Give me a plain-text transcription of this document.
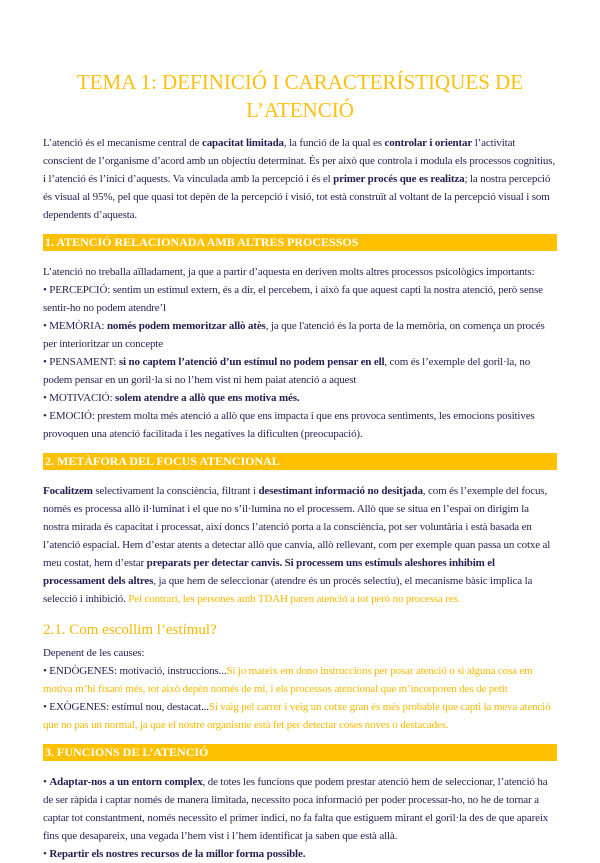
TEMA 1: DEFINICIÓ I CARACTERÍSTIQUES DE L’ATENCIÓ

L’atenció és el mecanisme central de capacitat limitada, la funció de la qual es controlar i orientar l’activitat conscient de l’organisme d’acord amb un objectiu determinat. És per això que controla i modula els processos cognitius, i l’atenció és l’inici d’aquests. Va vinculada amb la percepció i és el primer procés que es realitza; la nostra percepció és visual al 95%, pel que quasi tot depèn de la percepció i visió, tot està construït al voltant de la percepció visual i som dependents d’aquesta.

1. ATENCIÓ RELACIONADA AMB ALTRES PROCESSOS

L’atenció no treballa aïlladament, ja que a partir d’aquesta en deriven molts altres processos psicològics importants:

• PERCEPCIÓ: sentim un estímul extern, és a dir, el percebem, i això fa que aquest capti la nostra atenció, però sense sentir-ho no podem atendre’l

• MEMÒRIA: només podem memoritzar allò atès, ja que l'atenció és la porta de la memòria, on comença un procés per interioritzar un concepte

• PENSAMENT: si no captem l’atenció d’un estímul no podem pensar en ell, com és l’exemple del goril·la, no podem pensar en un goril·la si no l’hem vist ni hem paiat atenció a aquest

• MOTIVACIÓ: solem atendre a allò que ens motiva més.

• EMOCIÓ: prestem molta més atenció a allò que ens impacta i que ens provoca sentiments, les emocions positives provoquen una atenció facilitada i les negatives la dificulten (preocupació).

2. METÀFORA DEL FOCUS ATENCIONAL

Focalitzem selectivament la consciència, filtrant i desestimant informació no desitjada, com és l’exemple del focus, només es processa allò il·luminat i el que no s’il·lumina no el processem. Allò que se situa en l’espai on dirigim la nostra mirada és capacitat i processat, així doncs l’atenció porta a la consciència, pot ser voluntària i està basada en l’atenció espacial. Hem d’estar atents a detectar allò que canvia, allò rellevant, com per exemple quan passa un cotxe al meu costat, hem d’estar preparats per detectar canvis. Si processem uns estímuls aleshores inhibim el processament dels altres, ja que hem de seleccionar (atendre és un procés selectiu), el mecanisme bàsic implica la selecció i inhibició. Pel contrari, les persones amb TDAH paren atenció a tot però no processa res.

2.1. Com escollim l’estímul?

Depenent de les causes:

• ENDÒGENES: motivació, instruccions...Si jo mateix em dono instruccions per posar atenció o si alguna cosa em motiva m’hi fixaré més, tot això depèn només de mi, i els processos atencional que m’incorporen des de petit

• EXÒGENES: estímul nou, destacat...Si vaig pel carrer i veig un cotxe gran és més probable que capti la meva atenció que no pas un normal, ja que el nostre organisme està fet per detectar coses noves o destacades.

3. FUNCIONS DE L’ATENCIÓ

• Adaptar-nos a un entorn complex, de totes les funcions que podem prestar atenció hem de seleccionar, l’atenció ha de ser ràpida i captar només de manera limitada, necessito poca informació per poder processar-ho, no he de tornar a captar tot constantment, només necessito el primer indici, no fa falta que estiguem mirant el goril·la des de que apareix fins que desapareix, una vegada l’hem vist i l’hem identificat ja saben que està allà.

• Repartir els nostres recursos de la millor forma possible.
